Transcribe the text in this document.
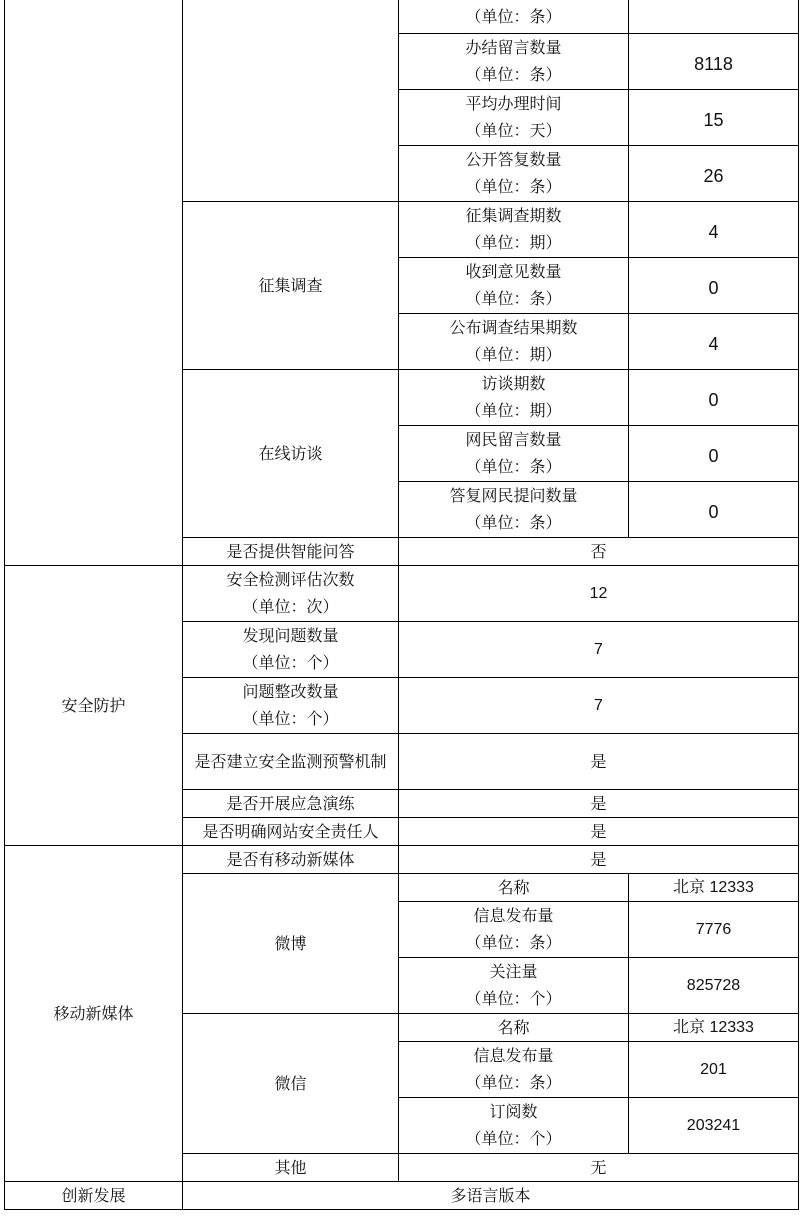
		（单位：条）	

		办结留言数量
（单位：条）	8118

		平均办理时间
（单位：天）	15

		公开答复数量
（单位：条）	26
	征集调查	征集调查期数
（单位：期）	4

		收到意见数量
（单位：条）	0

		公布调查结果期数
（单位：期）	4
	在线访谈	访谈期数
（单位：期）	0

		网民留言数量
（单位：条）	0

		答复网民提问数量
（单位：条）	0
	是否提供智能问答	否	
安全防护	安全检测评估次数
（单位：次）	12	

	发现问题数量
（单位：个）	7	

	问题整改数量
（单位：个）	7	
	是否建立安全监测预警机制	是	
	是否开展应急演练	是	
	是否明确网站安全责任人	是	
移动新媒体	是否有移动新媒体	是	
	微博	名称	北京 12333

		信息发布量
（单位：条）	7776

		关注量
（单位：个）	825728
	微信	名称	北京 12333

		信息发布量
（单位：条）	201

		订阅数
（单位：个）	203241
	其他	无	
创新发展	多语言版本		
